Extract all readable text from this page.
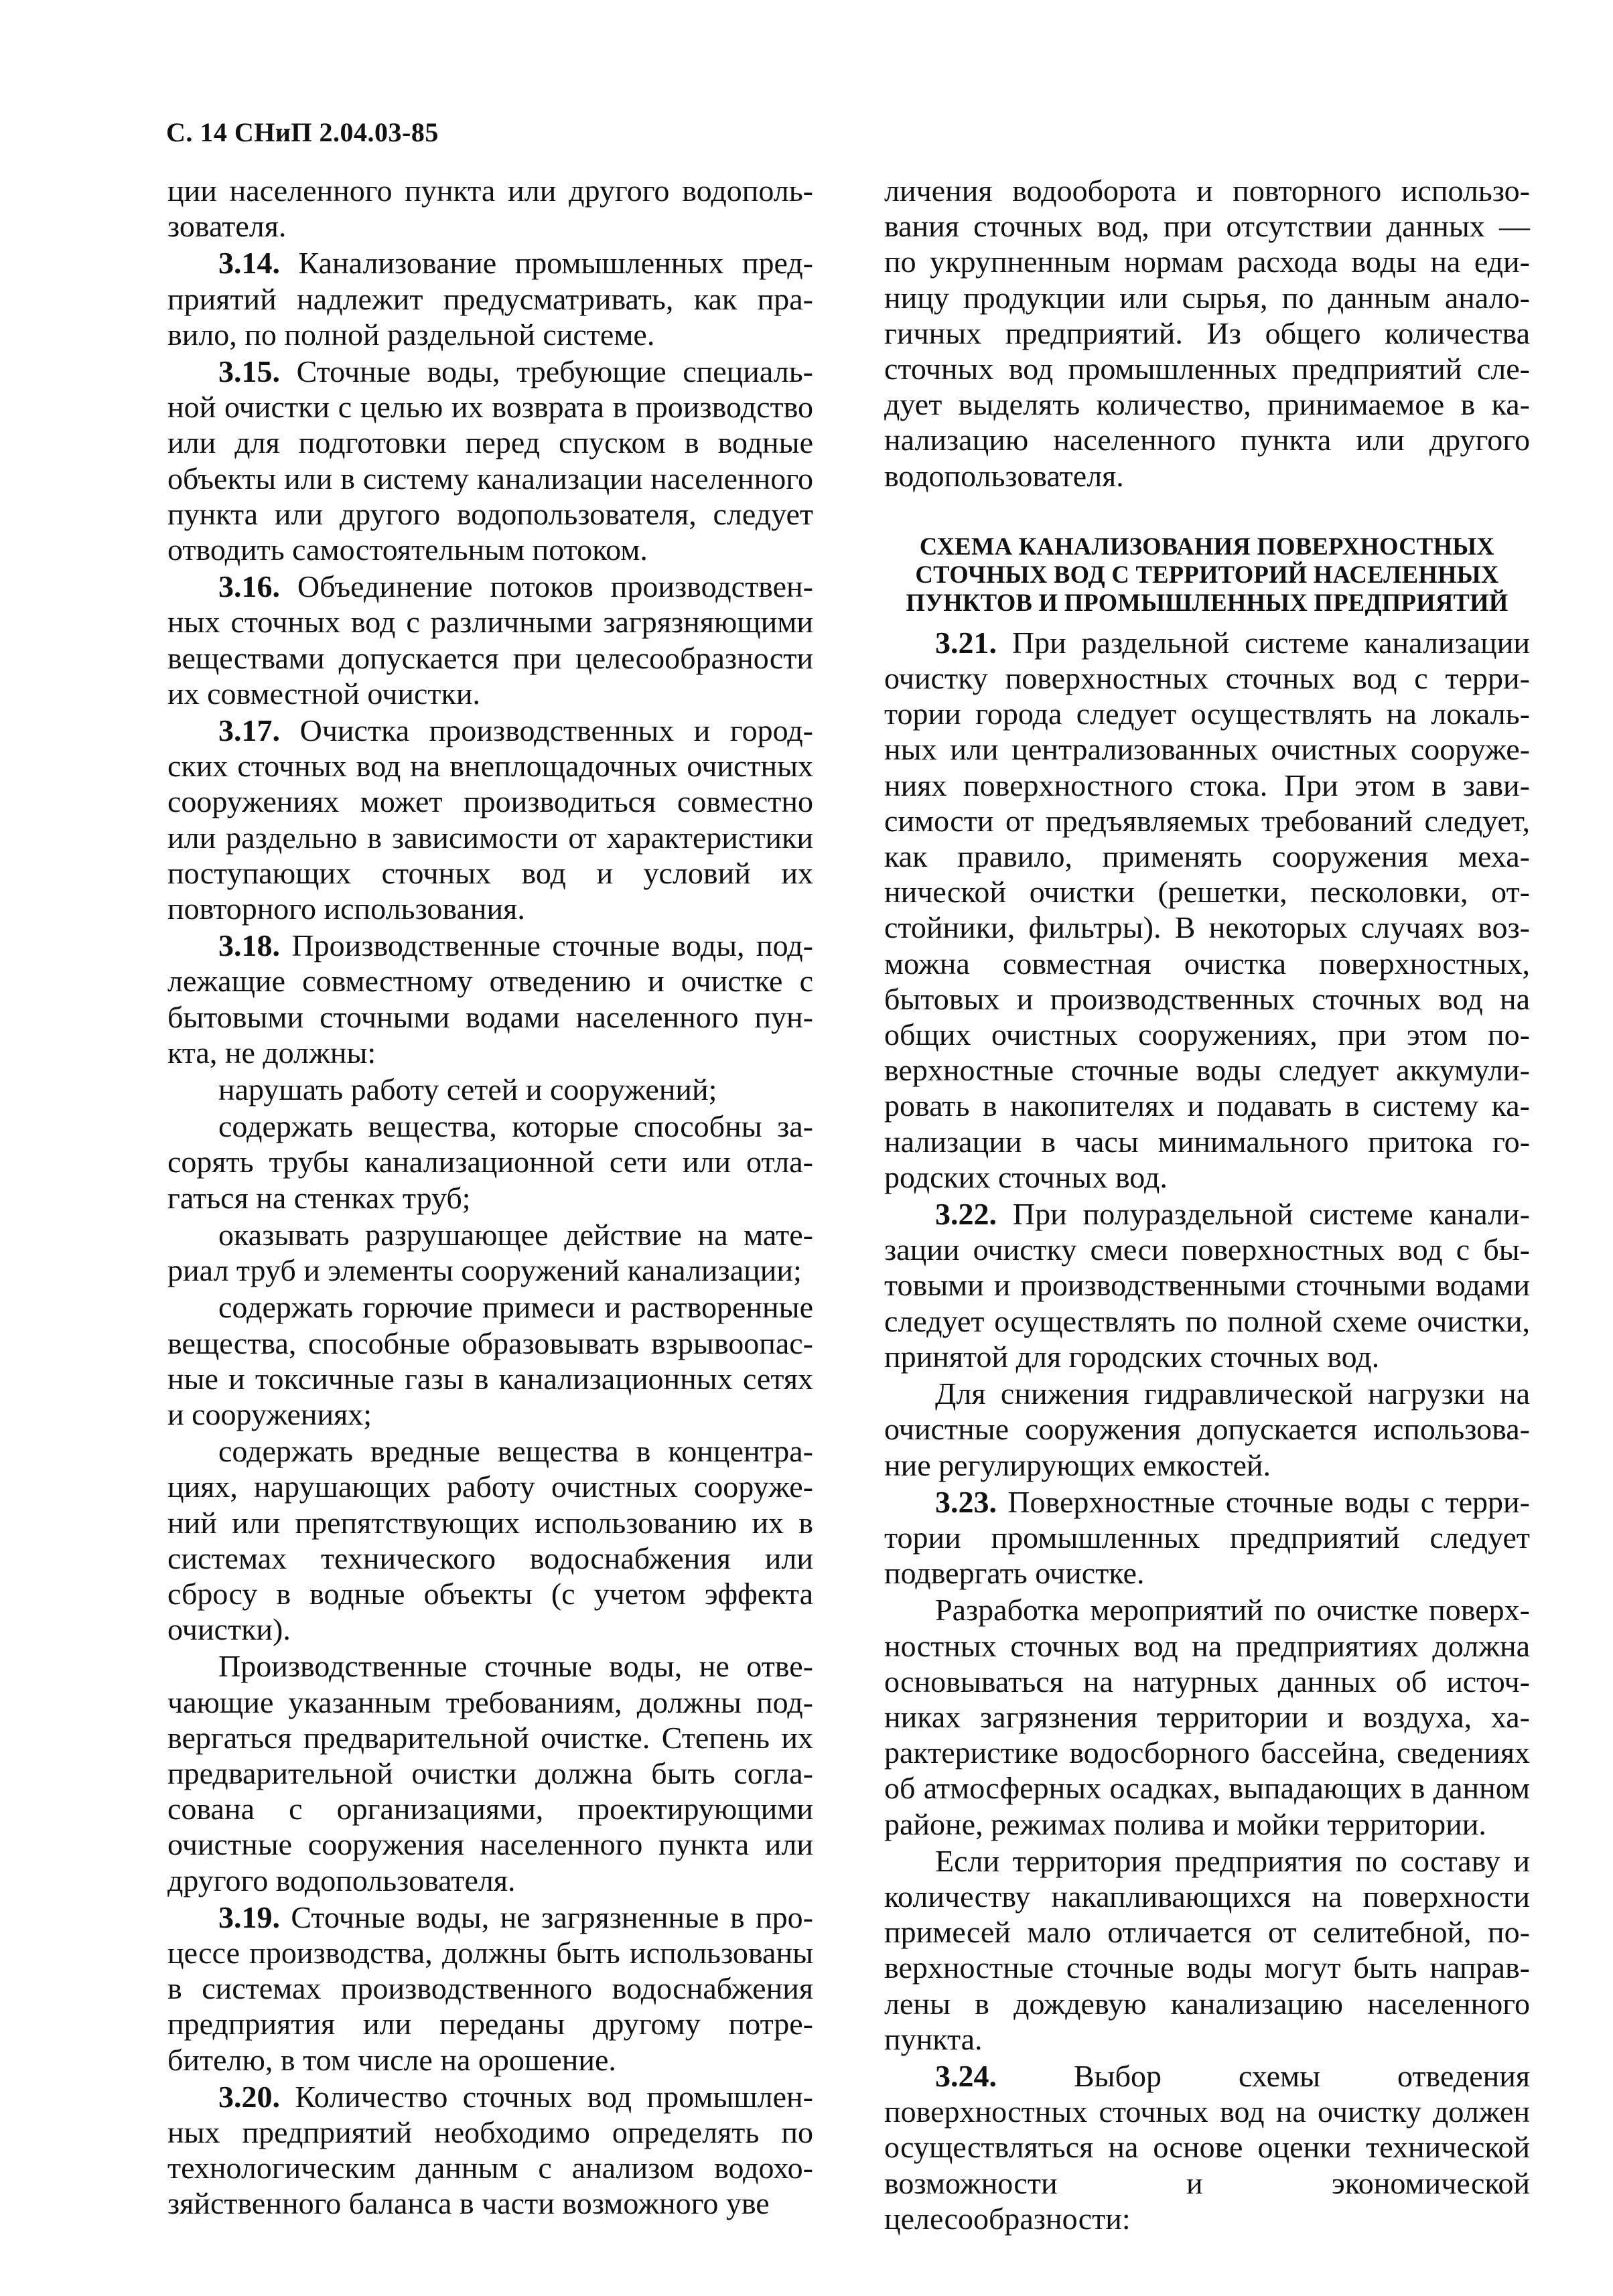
С. 14 СНиП 2.04.03-85

ции населенного пункта или другого водопользователя.

3.14. Канализование промышленных предприятий надлежит предусматривать, как правило, по полной раздельной системе.

3.15. Сточные воды, требующие специальной очистки с целью их возврата в производство или для подготовки перед спуском в водные объекты или в систему канализации населенного пункта или другого водопользователя, следует отводить самостоятельным потоком.

3.16. Объединение потоков производственных сточных вод с различными загрязняющими веществами допускается при целесообразности их совместной очистки.

3.17. Очистка производственных и городских сточных вод на внеплощадочных очистных сооружениях может производиться совместно или раздельно в зависимости от характеристики поступающих сточных вод и условий их повторного использования.

3.18. Производственные сточные воды, подлежащие совместному отведению и очистке с бытовыми сточными водами населенного пункта, не должны:

нарушать работу сетей и сооружений;

содержать вещества, которые способны засорять трубы канализационной сети или отлагаться на стенках труб;

оказывать разрушающее действие на материал труб и элементы сооружений канализации;

содержать горючие примеси и растворенные вещества, способные образовывать взрывоопасные и токсичные газы в канализационных сетях и сооружениях;

содержать вредные вещества в концентрациях, нарушающих работу очистных сооружений или препятствующих использованию их в системах технического водоснабжения или сбросу в водные объекты (с учетом эффекта очистки).

Производственные сточные воды, не отвечающие указанным требованиям, должны подвергаться предварительной очистке. Степень их предварительной очистки должна быть согласована с организациями, проектирующими очистные сооружения населенного пункта или другого водопользователя.

3.19. Сточные воды, не загрязненные в процессе производства, должны быть использованы в системах производственного водоснабжения предприятия или переданы другому потребителю, в том числе на орошение.

3.20. Количество сточных вод промышленных предприятий необходимо определять по технологическим данным с анализом водохозяйственного баланса в части возможного уве

личения водооборота и повторного использования сточных вод, при отсутствии данных — по укрупненным нормам расхода воды на единицу продукции или сырья, по данным аналогичных предприятий. Из общего количества сточных вод промышленных предприятий следует выделять количество, принимаемое в канализацию населенного пункта или другого водопользователя.

СХЕМА КАНАЛИЗОВАНИЯ ПОВЕРХНОСТНЫХ СТОЧНЫХ ВОД С ТЕРРИТОРИЙ НАСЕЛЕННЫХ ПУНКТОВ И ПРОМЫШЛЕННЫХ ПРЕДПРИЯТИЙ

3.21. При раздельной системе канализации очистку поверхностных сточных вод с территории города следует осуществлять на локальных или централизованных очистных сооружениях поверхностного стока. При этом в зависимости от предъявляемых требований следует, как правило, применять сооружения механической очистки (решетки, песколовки, отстойники, фильтры). В некоторых случаях возможна совместная очистка поверхностных, бытовых и производственных сточных вод на общих очистных сооружениях, при этом поверхностные сточные воды следует аккумулировать в накопителях и подавать в систему канализации в часы минимального притока городских сточных вод.

3.22. При полураздельной системе канализации очистку смеси поверхностных вод с бытовыми и производственными сточными водами следует осуществлять по полной схеме очистки, принятой для городских сточных вод.

Для снижения гидравлической нагрузки на очистные сооружения допускается использование регулирующих емкостей.

3.23. Поверхностные сточные воды с территории промышленных предприятий следует подвергать очистке.

Разработка мероприятий по очистке поверхностных сточных вод на предприятиях должна основываться на натурных данных об источниках загрязнения территории и воздуха, характеристике водосборного бассейна, сведениях об атмосферных осадках, выпадающих в данном районе, режимах полива и мойки территории.

Если территория предприятия по составу и количеству накапливающихся на поверхности примесей мало отличается от селитебной, поверхностные сточные воды могут быть направлены в дождевую канализацию населенного пункта.

3.24. Выбор схемы отведения поверхностных сточных вод на очистку должен осуществляться на основе оценки технической возможности и экономической целесообразности:
